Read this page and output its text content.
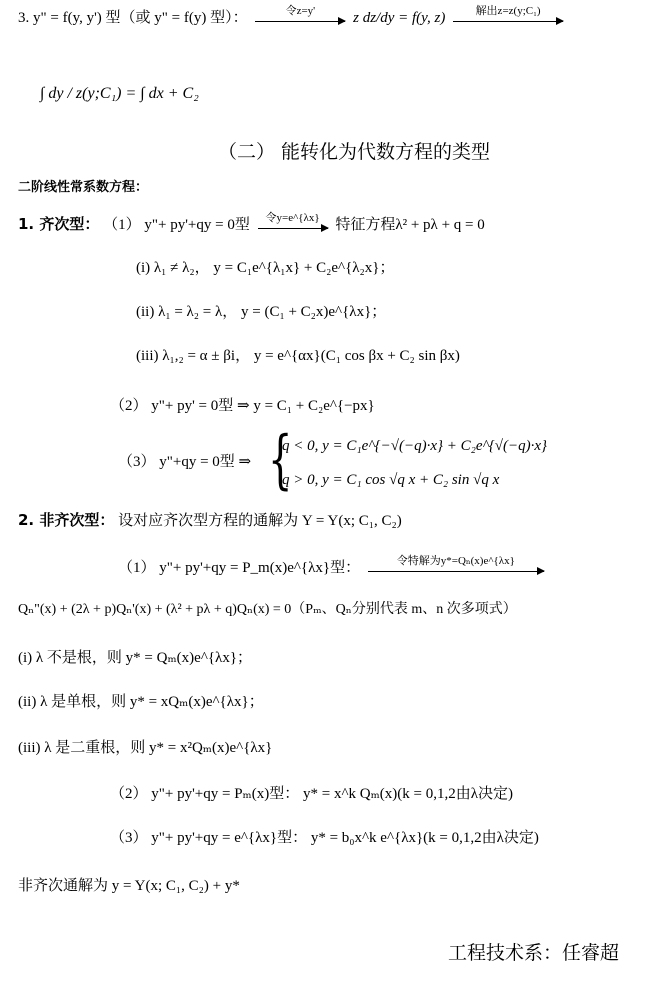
3. y" = f(y, y') 型（或 y" = f(y) 型）：	令z=y'	z dz/dy = f(y, z)	解出z=z(y;C₁)
∫ dy / z(y;C₁) = ∫ dx + C₂
（二） 能转化为代数方程的类型
二阶线性常系数方程：
1. 齐次型： （1） y"+ py'+qy = 0型	令y=e^{λx}	特征方程λ² + pλ + q = 0
(i) λ₁ ≠ λ₂， y = C₁e^{λ₁x} + C₂e^{λ₂x}；
(ii) λ₁ = λ₂ = λ， y = (C₁ + C₂x)e^{λx}；
(iii) λ₁,₂ = α ± βi， y = e^{αx}(C₁ cos βx + C₂ sin βx)
（2） y"+ py' = 0型 ⇒ y = C₁ + C₂e^{−px}
（3） y"+qy = 0型 ⇒ {
q < 0, y = C₁e^{−√(−q)·x} + C₂e^{√(−q)·x}
q > 0, y = C₁ cos √q x + C₂ sin √q x
2. 非齐次型： 设对应齐次型方程的通解为 Y = Y(x; C₁, C₂)
（1） y"+ py'+qy = P_m(x)e^{λx}型：	令特解为y*=Qₙ(x)e^{λx}
Qₙ"(x) + (2λ + p)Qₙ'(x) + (λ² + pλ + q)Qₙ(x) = 0（Pₘ、Qₙ分别代表 m、n 次多项式）
(i) λ 不是根，则 y* = Qₘ(x)e^{λx}；
(ii) λ 是单根，则 y* = xQₘ(x)e^{λx}；
(iii) λ 是二重根，则 y* = x²Qₘ(x)e^{λx}
（2） y"+ py'+qy = Pₘ(x)型： y* = x^k Qₘ(x)(k = 0,1,2由λ决定)
（3） y"+ py'+qy = e^{λx}型： y* = b₀x^k e^{λx}(k = 0,1,2由λ决定)
非齐次通解为 y = Y(x; C₁, C₂) + y*
工程技术系：任睿超
